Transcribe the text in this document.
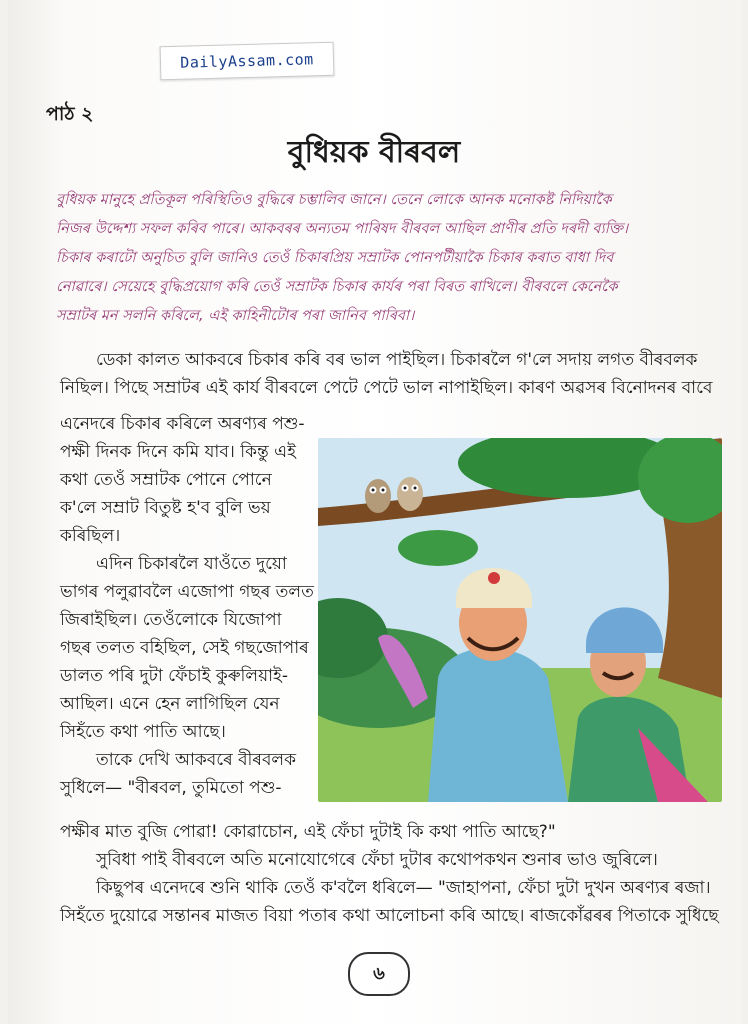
DailyAssam.com
পাঠ ২
বুধিয়ক বীৰবল
বুধিয়ক মানুহে প্ৰতিকূল পৰিস্থিতিও বুদ্ধিৰে চম্ভালিব জানে। তেনে লোকে আনক মনোকষ্ট নিদিয়াকৈ
নিজৰ উদ্দেশ্য সফল কৰিব পাৰে। আকবৰৰ অন্যতম পাৰিষদ বীৰবল আছিল প্ৰাণীৰ প্ৰতি দৰদী ব্যক্তি।
চিকাৰ কৰাটো অনুচিত বুলি জানিও তেওঁ চিকাৰপ্ৰিয় সম্ৰাটক পোনপটীয়াকৈ চিকাৰ কৰাত বাধা দিব
নোৱাৰে। সেয়েহে বুদ্ধিপ্ৰয়োগ কৰি তেওঁ সম্ৰাটক চিকাৰ কাৰ্যৰ পৰা বিৰত ৰাখিলে। বীৰবলে কেনেকৈ
সম্ৰাটৰ মন সলনি কৰিলে, এই কাহিনীটোৰ পৰা জানিব পাৰিবা।
ডেকা কালত আকবৰে চিকাৰ কৰি বৰ ভাল পাইছিল। চিকাৰলৈ গ'লে সদায় লগত বীৰবলক
নিছিল। পিছে সম্ৰাটৰ এই কাৰ্য বীৰবলে পেটে পেটে ভাল নাপাইছিল। কাৰণ অৱসৰ বিনোদনৰ বাবে
এনেদৰে চিকাৰ কৰিলে অৰণ্যৰ পশু-
পক্ষী দিনক দিনে কমি যাব। কিন্তু এই
কথা তেওঁ সম্ৰাটক পোনে পোনে
ক'লে সম্ৰাট বিতুষ্ট হ'ব বুলি ভয়
কৰিছিল।
এদিন চিকাৰলৈ যাওঁতে দুয়ো
ভাগৰ পলুৱাবলৈ এজোপা গছৰ তলত
জিৰাইছিল। তেওঁলোকে যিজোপা
গছৰ তলত বহিছিল, সেই গছজোপাৰ
ডালত পৰি দুটা ফেঁচাই কুৰুলিয়াই-
আছিল। এনে হেন লাগিছিল যেন
সিহঁতে কথা পাতি আছে।
তাকে দেখি আকবৰে বীৰবলক
সুধিলে— "বীৰবল, তুমিতো পশু-
পক্ষীৰ মাত বুজি পোৱা! কোৱাচোন, এই ফেঁচা দুটাই কি কথা পাতি আছে?"
সুবিধা পাই বীৰবলে অতি মনোযোগেৰে ফেঁচা দুটাৰ কথোপকথন শুনাৰ ভাও জুৰিলে।
কিছুপৰ এনেদৰে শুনি থাকি তেওঁ ক'বলৈ ধৰিলে— "জাহাপনা, ফেঁচা দুটা দুখন অৰণ্যৰ ৰজা।
সিহঁতে দুয়োৱে সন্তানৰ মাজত বিয়া পতাৰ কথা আলোচনা কৰি আছে। ৰাজকোঁৱৰৰ পিতাকে সুধিছে
৬
